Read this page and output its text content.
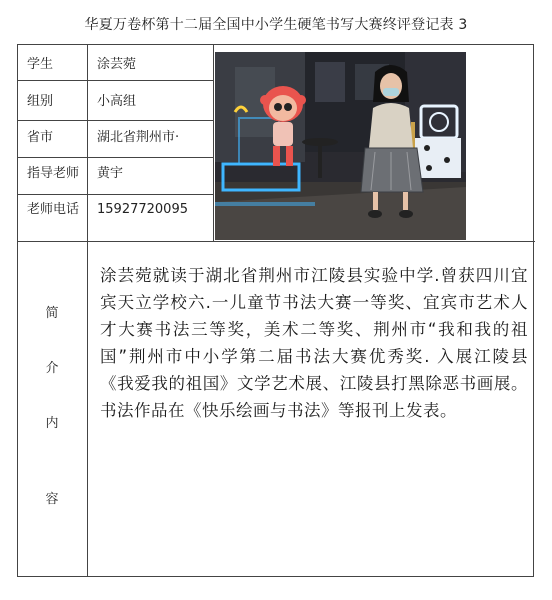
华夏万卷杯第十二届全国中小学生硬笔书写大赛终评登记表 3
学生	涂芸菀
组别	小高组
省市	湖北省荆州市·
指导老师 黄宇
老师电话 15927720095
简
介
内
容
涂芸菀就读于湖北省荆州市江陵县实验中学.曾获四川宜宾天立学校六.一儿童节书法大赛一等奖、宜宾市艺术人才大赛书法三等奖，美术二等奖、荆州市“我和我的祖国”荆州市中小学第二届书法大赛优秀奖. 入展江陵县《我爱我的祖国》文学艺术展、江陵县打黑除恶书画展。书法作品在《快乐绘画与书法》等报刊上发表。
